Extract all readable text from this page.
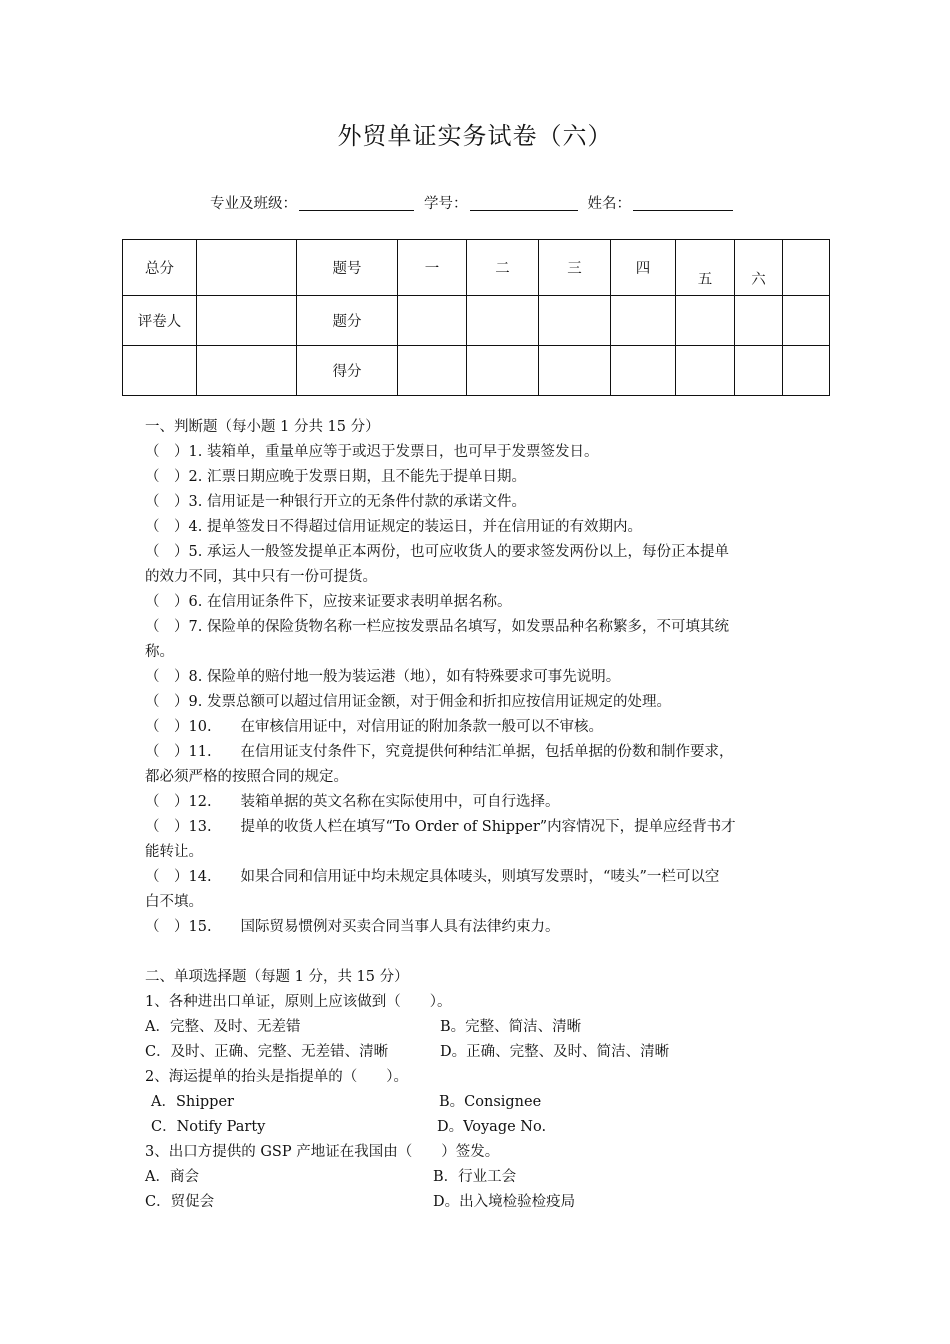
外贸单证实务试卷（六）
专业及班级：	学号：	姓名：
总分		题号	一	二	三	四	五	六	
评卷人		题分							
		得分							

一、判断题（每小题 1 分共 15 分）

（　）1. 装箱单，重量单应等于或迟于发票日，也可早于发票签发日。

（　）2. 汇票日期应晚于发票日期，且不能先于提单日期。

（　）3. 信用证是一种银行开立的无条件付款的承诺文件。

（　）4. 提单签发日不得超过信用证规定的装运日，并在信用证的有效期内。

（　）5. 承运人一般签发提单正本两份，也可应收货人的要求签发两份以上，每份正本提单

的效力不同，其中只有一份可提货。

（　）6. 在信用证条件下，应按来证要求表明单据名称。

（　）7. 保险单的保险货物名称一栏应按发票品名填写，如发票品种名称繁多，不可填其统

称。

（　）8. 保险单的赔付地一般为装运港（地），如有特殊要求可事先说明。

（　）9. 发票总额可以超过信用证金额，对于佣金和折扣应按信用证规定的处理。

（　）10.　　在审核信用证中，对信用证的附加条款一般可以不审核。

（　）11.　　在信用证支付条件下，究竟提供何种结汇单据，包括单据的份数和制作要求，

都必须严格的按照合同的规定。

（　）12.　　装箱单据的英文名称在实际使用中，可自行选择。

（　）13.　　提单的收货人栏在填写“To Order of Shipper”内容情况下，提单应经背书才

能转让。

（　）14.　　如果合同和信用证中均未规定具体唛头，则填写发票时，“唛头”一栏可以空

白不填。

（　）15.　　国际贸易惯例对买卖合同当事人具有法律约束力。

二、单项选择题（每题 1 分，共 15 分）

1、各种进出口单证，原则上应该做到（　　）。

A．完整、及时、无差错	B。完整、简洁、清晰
C．及时、正确、完整、无差错、清晰	D。正确、完整、及时、简洁、清晰

2、海运提单的抬头是指提单的（　　）。

A．Shipper	B。Consignee
C．Notify Party	D。Voyage No.

3、出口方提供的 GSP 产地证在我国由（　　）签发。

A．商会	B．行业工会
C．贸促会	D。出入境检验检疫局
